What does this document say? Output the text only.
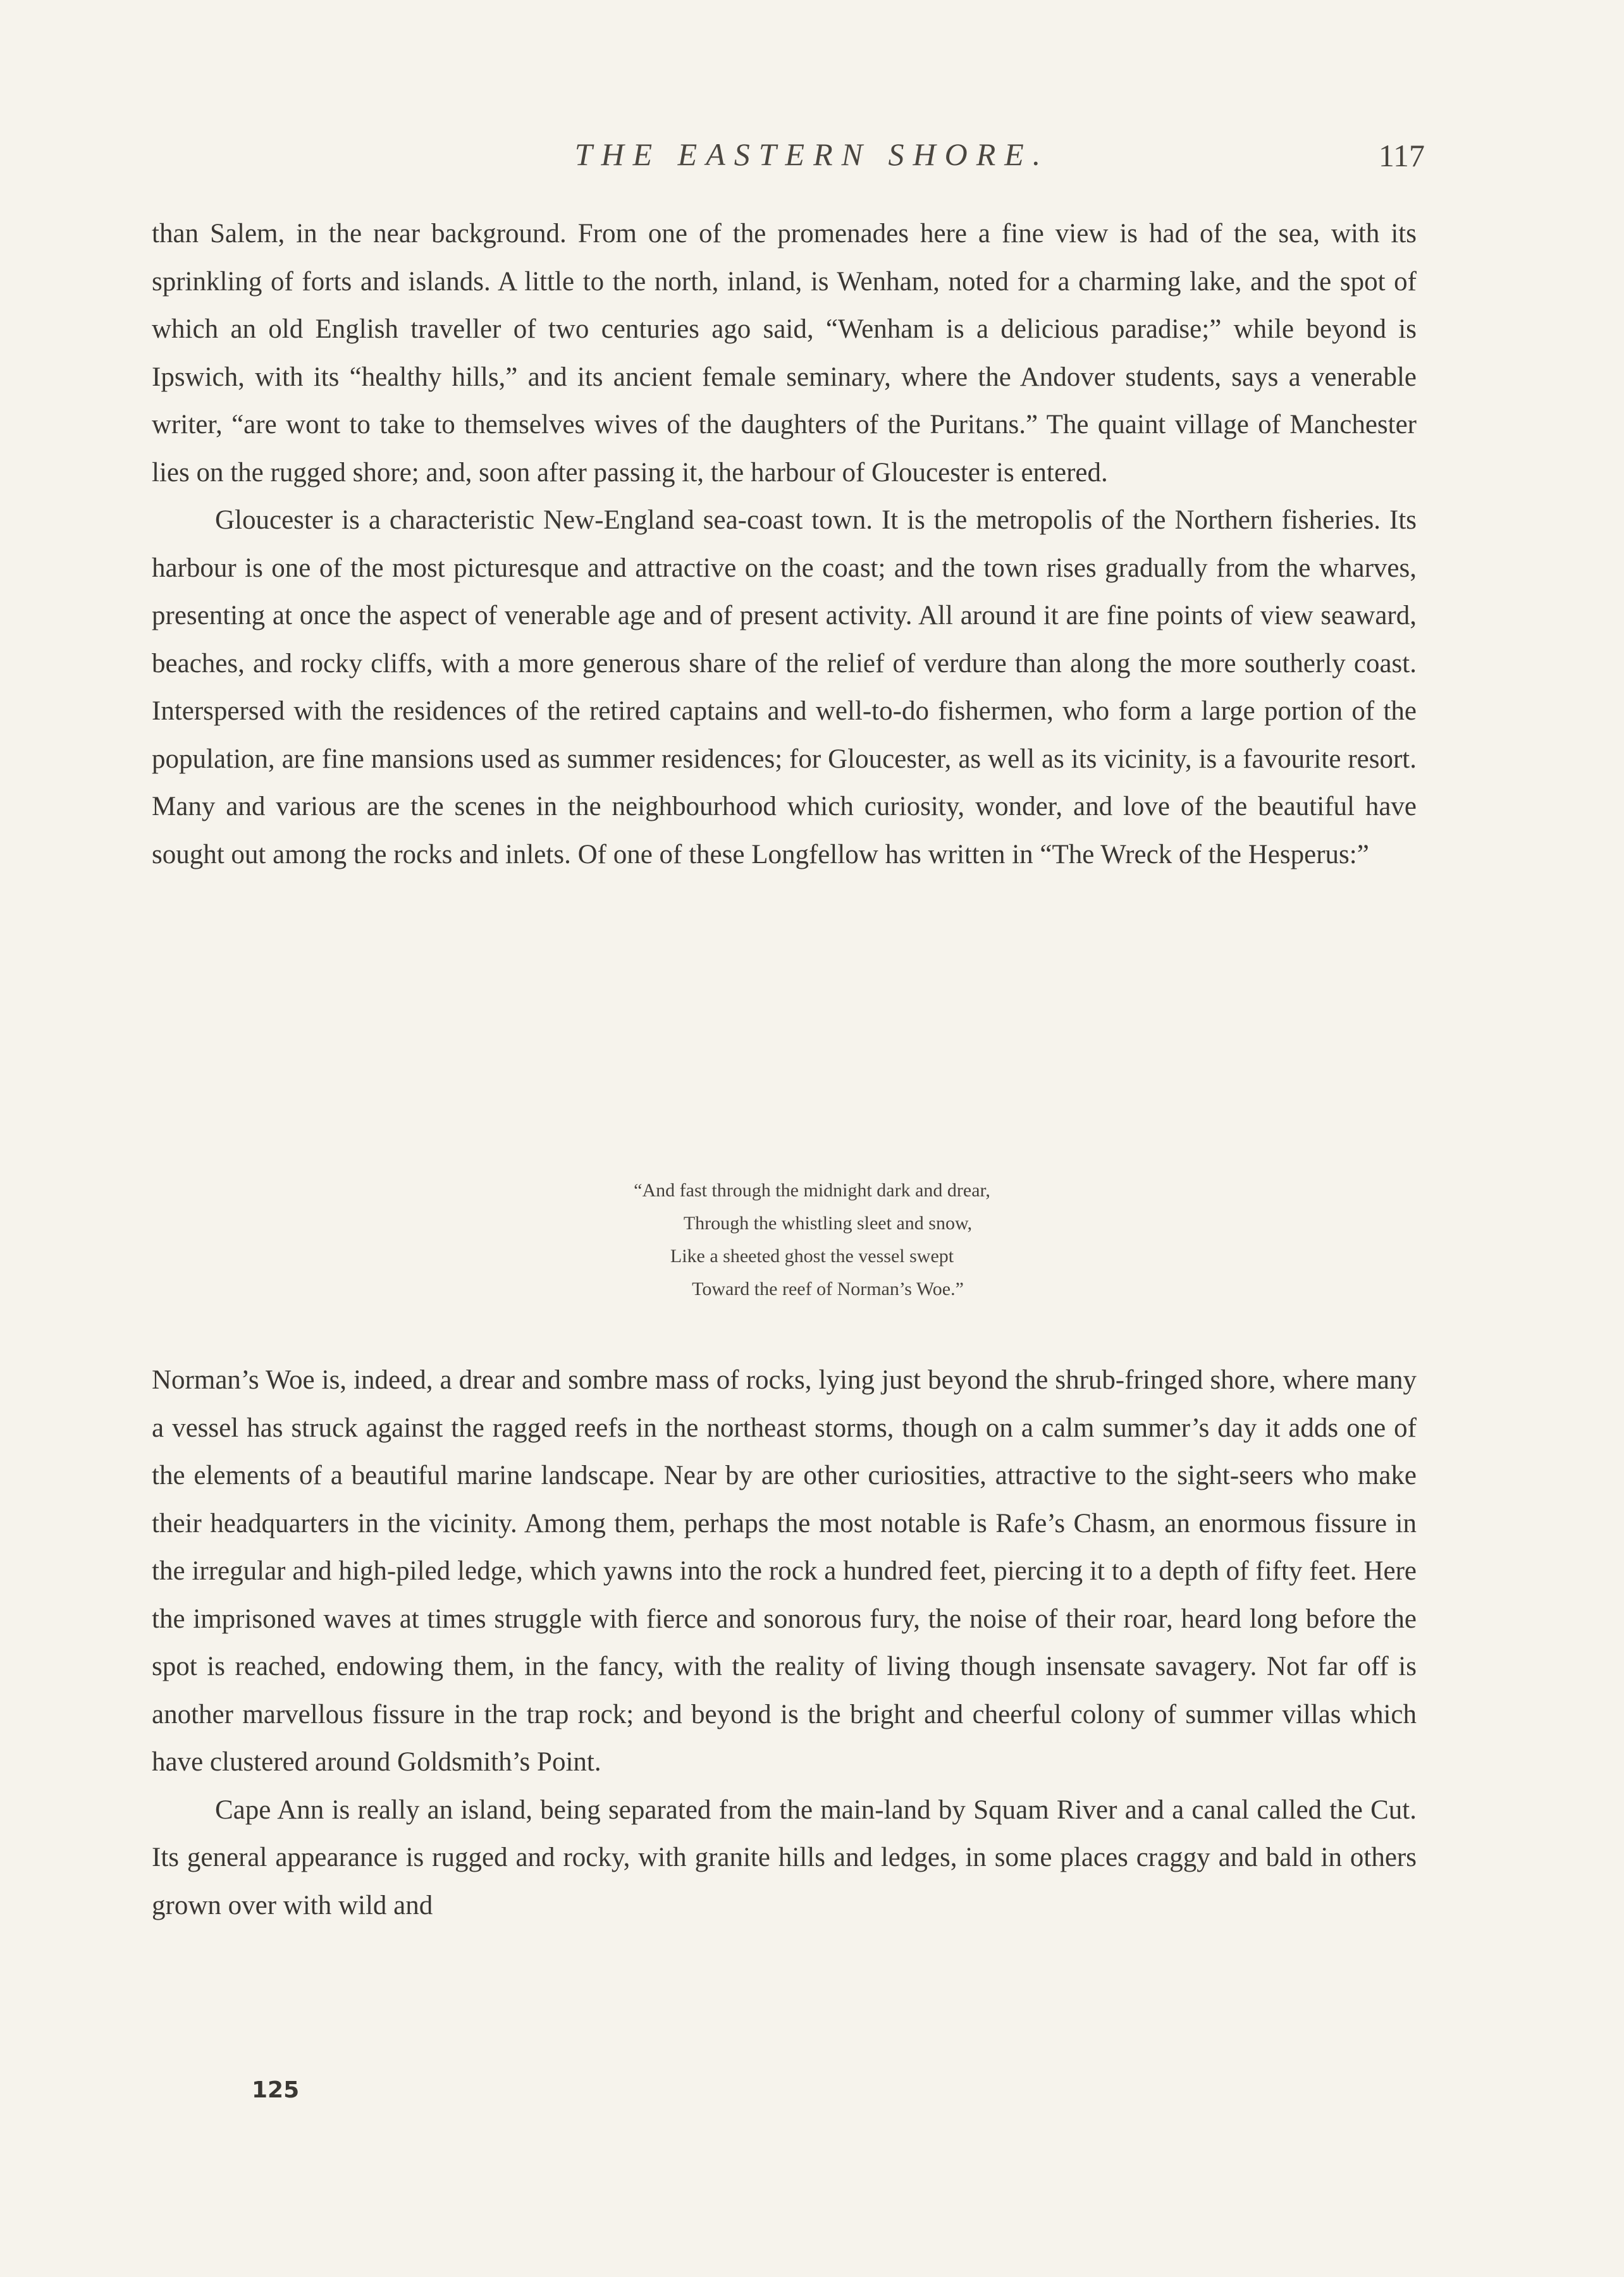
THE EASTERN SHORE.	117

than Salem, in the near background. From one of the promenades here a fine view is had of the sea, with its sprinkling of forts and islands. A little to the north, inland, is Wenham, noted for a charming lake, and the spot of which an old English traveller of two centuries ago said, “Wenham is a delicious paradise;” while beyond is Ipswich, with its “healthy hills,” and its ancient female seminary, where the Andover students, says a venerable writer, “are wont to take to themselves wives of the daughters of the Puritans.” The quaint village of Manchester lies on the rugged shore; and, soon after passing it, the harbour of Gloucester is entered.

Gloucester is a characteristic New-England sea-coast town. It is the metropolis of the Northern fisheries. Its harbour is one of the most picturesque and attractive on the coast; and the town rises gradually from the wharves, presenting at once the aspect of venerable age and of present activity. All around it are fine points of view seaward, beaches, and rocky cliffs, with a more generous share of the relief of verdure than along the more southerly coast. Interspersed with the residences of the retired captains and well-to-do fishermen, who form a large portion of the population, are fine mansions used as summer residences; for Gloucester, as well as its vicinity, is a favourite resort. Many and various are the scenes in the neighbourhood which curiosity, wonder, and love of the beautiful have sought out among the rocks and inlets. Of one of these Longfellow has written in “The Wreck of the Hesperus:”

“And fast through the midnight dark and drear,
Through the whistling sleet and snow,
Like a sheeted ghost the vessel swept
Toward the reef of Norman’s Woe.”

Norman’s Woe is, indeed, a drear and sombre mass of rocks, lying just beyond the shrub-fringed shore, where many a vessel has struck against the ragged reefs in the northeast storms, though on a calm summer’s day it adds one of the elements of a beautiful marine landscape. Near by are other curiosities, attractive to the sight-seers who make their headquarters in the vicinity. Among them, perhaps the most notable is Rafe’s Chasm, an enormous fissure in the irregular and high-piled ledge, which yawns into the rock a hundred feet, piercing it to a depth of fifty feet. Here the imprisoned waves at times struggle with fierce and sonorous fury, the noise of their roar, heard long before the spot is reached, endowing them, in the fancy, with the reality of living though insensate savagery. Not far off is another marvellous fissure in the trap rock; and beyond is the bright and cheerful colony of summer villas which have clustered around Goldsmith’s Point.

Cape Ann is really an island, being separated from the main-land by Squam River and a canal called the Cut. Its general appearance is rugged and rocky, with granite hills and ledges, in some places craggy and bald in others grown over with wild and

125
